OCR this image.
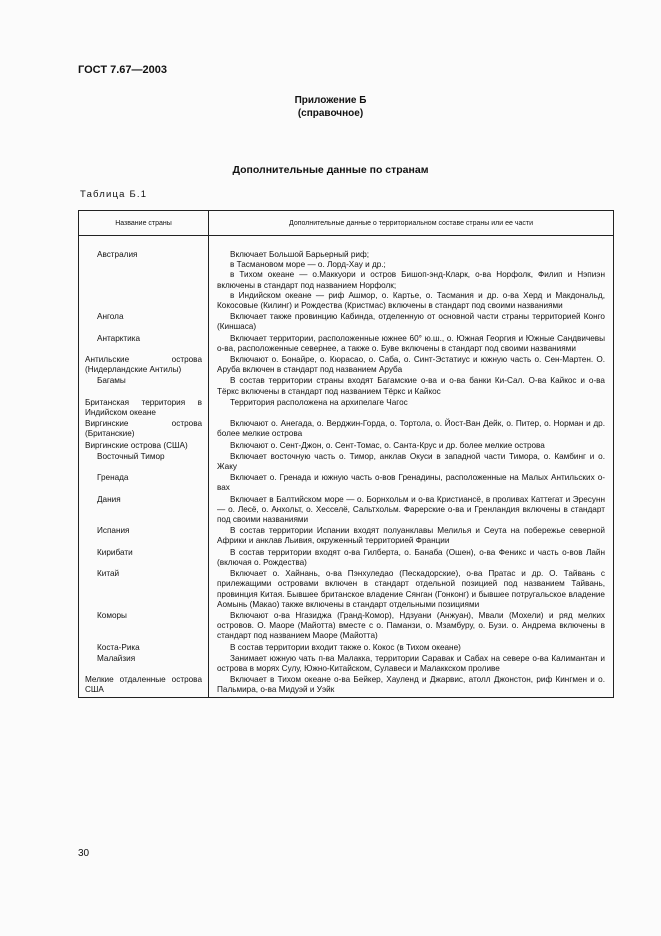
ГОСТ 7.67—2003
Приложение Б
(справочное)
Дополнительные данные по странам
Таблица Б.1
Название страны	Дополнительные данные о территориальном составе страны или ее части
Австралия	Включает Большой Барьерный риф;
в Тасмановом море — о. Лорд-Хау и др.;
в Тихом океане — о.Маккуори и остров Бишоп-энд-Кларк, о-ва Норфолк, Филип и Нэпиэн включены в стандарт под названием Норфолк;
в Индийском океане — риф Ашмор, о. Картье, о. Тасмания и др. о-ва Херд и Макдональд, Кокосовые (Килинг) и Рождества (Кристмас) включены в стандарт под своими названиями

Ангола	Включает также провинцию Кабинда, отделенную от основной части страны территорией Конго (Киншаса)

Антарктика	Включает территории, расположенные южнее 60° ю.ш., о. Южная Георгия и Южные Сандвичевы о-ва, расположенные севернее, а также о. Буве включены в стандарт под своими названиями

Антильские острова (Нидерландские Антилы)	Включают о. Бонайре, о. Кюрасао, о. Саба, о. Синт-Эстатиус и южную часть о. Сен-Мартен. О. Аруба включен в стандарт под названием Аруба

Багамы	В состав территории страны входят Багамские о-ва и о-ва банки Ки-Сал. О-ва Кайкос и о-ва Тёркс включены в стандарт под названием Тёркс и Кайкос

Британская территория в Индийском океане	Территория расположена на архипелаге Чагос

Виргинские острова (Британские)	Включают о. Анегада, о. Верджин-Горда, о. Тортола, о. Йост-Ван Дейк, о. Питер, о. Норман и др. более мелкие острова

Виргинские острова (США)	Включают о. Сент-Джон, о. Сент-Томас, о. Санта-Крус и др. более мелкие острова

Восточный Тимор	Включает восточную часть о. Тимор, анклав Окуси в западной части Тимора, о. Камбинг и о. Жаку

Гренада	Включает о. Гренада и южную часть о-вов Гренадины, расположенные на Малых Антильских о-вах

Дания	Включает в Балтийском море — о. Борнхольм и о-ва Кристиансё, в проливах Каттегат и Эресунн — о. Лесё, о. Анхольт, о. Хесселё, Сальтхольм. Фарерские о-ва и Гренландия включены в стандарт под своими названиями

Испания	В состав территории Испании входят полуанклавы Мелилья и Сеута на побережье северной Африки и анклав Льивия, окруженный территорией Франции

Кирибати	В состав территории входят о-ва Гилберта, о. Банаба (Ошен), о-ва Феникс и часть о-вов Лайн (включая о. Рождества)

Китай	Включает о. Хайнань, о-ва Пэнхуледао (Пескадорские), о-ва Пратас и др. О. Тайвань с прилежащими островами включен в стандарт отдельной позицией под названием Тайвань, провинция Китая. Бывшее британское владение Сянган (Гонконг) и бывшее потругальское владение Аомынь (Макао) также включены в стандарт отдельными позициями

Коморы	Включают о-ва Нгазиджа (Гранд-Комор), Ндзуани (Анжуан), Мвали (Мохели) и ряд мелких островов. О. Маоре (Майотта) вместе с о. Паманзи, о. Мзамбуру, о. Бузи. о. Андрема включены в стандарт под названием Маоре (Майотта)

Коста-Рика	В состав территории входит также о. Кокос (в Тихом океане)

Малайзия	Занимает южную чать п-ва Малакка, территории Саравак и Сабах на севере о-ва Калимантан и острова в морях Сулу, Южно-Китайском, Сулавеси и Малаккском проливе

Мелкие отдаленные острова США	Включает в Тихом океане о-ва Бейкер, Хауленд и Джарвис, атолл Джонстон, риф Кингмен и о. Пальмира, о-ва Мидуэй и Уэйк
30
